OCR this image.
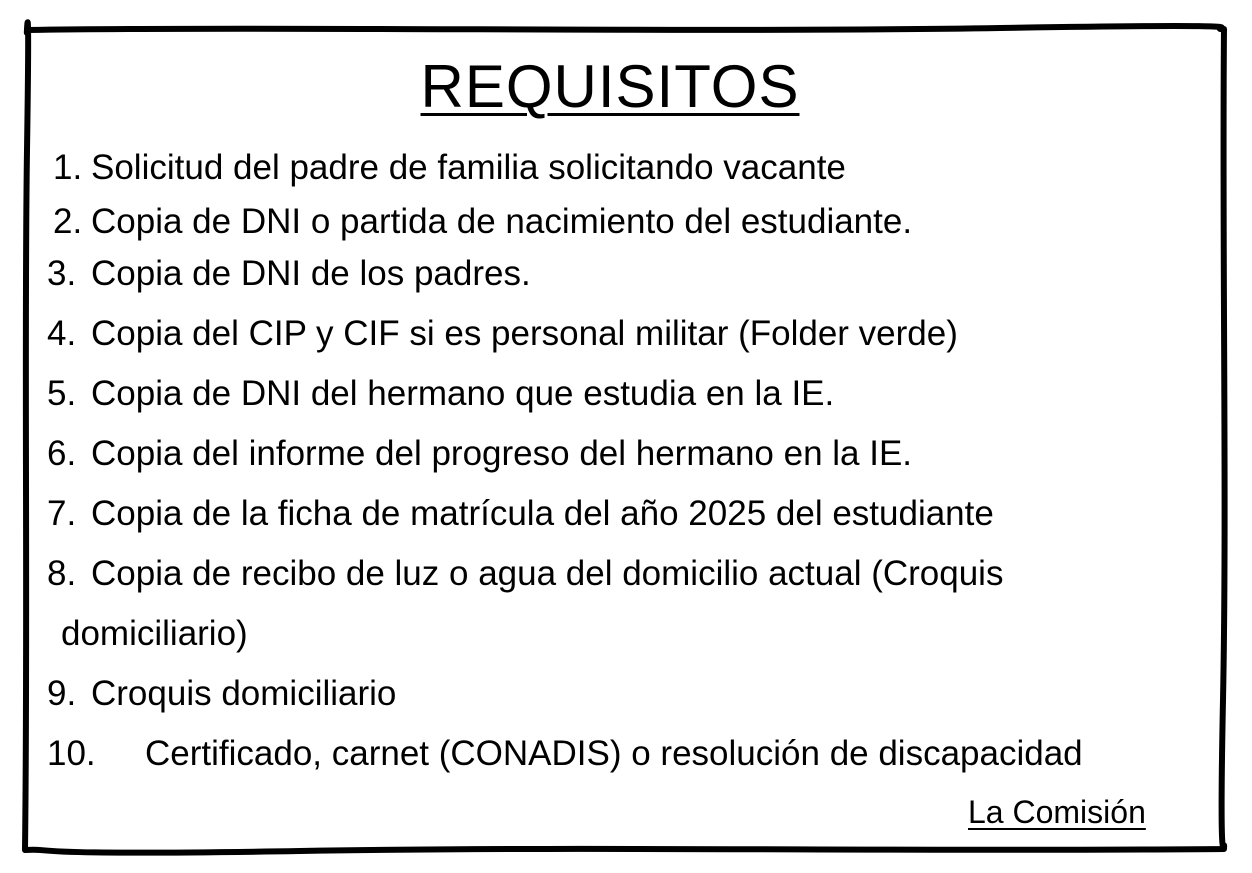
REQUISITOS
1. Solicitud del padre de familia solicitando vacante
2. Copia de DNI o partida de nacimiento del estudiante.
3. Copia de DNI de los padres.
4. Copia del CIP y CIF si es personal militar (Folder verde)
5. Copia de DNI del hermano que estudia en la IE.
6. Copia del informe del progreso del hermano en la IE.
7. Copia de la ficha de matrícula del año 2025 del estudiante
8. Copia de recibo de luz o agua del domicilio actual (Croquis
domiciliario)
9. Croquis domiciliario
10. Certificado, carnet (CONADIS) o resolución de discapacidad
La Comisión
